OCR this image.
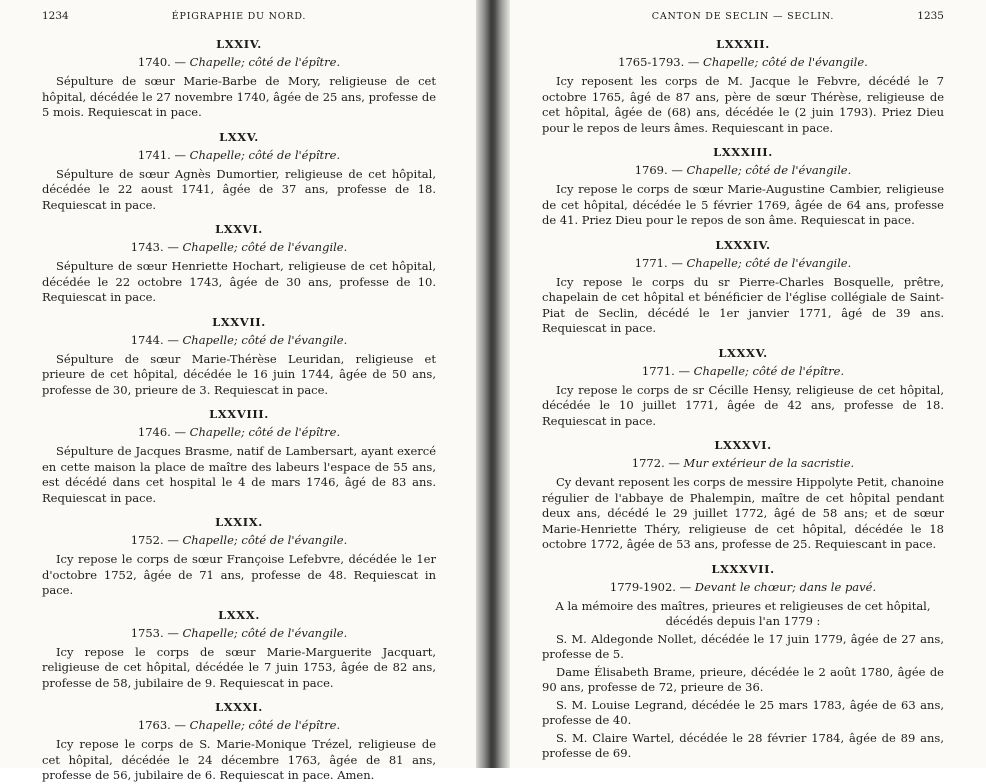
1234	ÉPIGRAPHIE DU NORD.
LXXIV.
1740. — Chapelle; côté de l'épître.

Sépulture de sœur Marie-Barbe de Mory, religieuse de cet hôpital, décédée le 27 novembre 1740, âgée de 25 ans, professe de 5 mois. Requiescat in pace.

LXXV.
1741. — Chapelle; côté de l'épître.

Sépulture de sœur Agnès Dumortier, religieuse de cet hôpital, décédée le 22 aoust 1741, âgée de 37 ans, professe de 18. Requiescat in pace.

LXXVI.
1743. — Chapelle; côté de l'évangile.

Sépulture de sœur Henriette Hochart, religieuse de cet hôpital, décédée le 22 octobre 1743, âgée de 30 ans, professe de 10. Requiescat in pace.

LXXVII.
1744. — Chapelle; côté de l'évangile.

Sépulture de sœur Marie-Thérèse Leuridan, religieuse et prieure de cet hôpital, décédée le 16 juin 1744, âgée de 50 ans, professe de 30, prieure de 3. Requiescat in pace.

LXXVIII.
1746. — Chapelle; côté de l'épître.

Sépulture de Jacques Brasme, natif de Lambersart, ayant exercé en cette maison la place de maître des labeurs l'espace de 55 ans, est décédé dans cet hospital le 4 de mars 1746, âgé de 83 ans. Requiescat in pace.

LXXIX.
1752. — Chapelle; côté de l'évangile.

Icy repose le corps de sœur Françoise Lefebvre, décédée le 1er d'octobre 1752, âgée de 71 ans, professe de 48. Requiescat in pace.

LXXX.
1753. — Chapelle; côté de l'évangile.

Icy repose le corps de sœur Marie-Marguerite Jacquart, religieuse de cet hôpital, décédée le 7 juin 1753, âgée de 82 ans, professe de 58, jubilaire de 9. Requiescat in pace.

LXXXI.
1763. — Chapelle; côté de l'épître.

Icy repose le corps de S. Marie-Monique Trézel, religieuse de cet hôpital, décédée le 24 décembre 1763, âgée de 81 ans, professe de 56, jubilaire de 6. Requiescat in pace. Amen.

CANTON DE SECLIN — SECLIN.	1235
LXXXII.
1765-1793. — Chapelle; côté de l'évangile.

Icy reposent les corps de M. Jacque le Febvre, décédé le 7 octobre 1765, âgé de 87 ans, père de sœur Thérèse, religieuse de cet hôpital, âgée de (68) ans, décédée le (2 juin 1793). Priez Dieu pour le repos de leurs âmes. Requiescant in pace.

LXXXIII.
1769. — Chapelle; côté de l'évangile.

Icy repose le corps de sœur Marie-Augustine Cambier, religieuse de cet hôpital, décédée le 5 février 1769, âgée de 64 ans, professe de 41. Priez Dieu pour le repos de son âme. Requiescat in pace.

LXXXIV.
1771. — Chapelle; côté de l'évangile.

Icy repose le corps du sr Pierre-Charles Bosquelle, prêtre, chapelain de cet hôpital et bénéficier de l'église collégiale de Saint-Piat de Seclin, décédé le 1er janvier 1771, âgé de 39 ans. Requiescat in pace.

LXXXV.
1771. — Chapelle; côté de l'épître.

Icy repose le corps de sr Cécille Hensy, religieuse de cet hôpital, décédée le 10 juillet 1771, âgée de 42 ans, professe de 18. Requiescat in pace.

LXXXVI.
1772. — Mur extérieur de la sacristie.

Cy devant reposent les corps de messire Hippolyte Petit, chanoine régulier de l'abbaye de Phalempin, maître de cet hôpital pendant deux ans, décédé le 29 juillet 1772, âgé de 58 ans; et de sœur Marie-Henriette Théry, religieuse de cet hôpital, décédée le 18 octobre 1772, âgée de 53 ans, professe de 25. Requiescant in pace.

LXXXVII.
1779-1902. — Devant le chœur; dans le pavé.

A la mémoire des maîtres, prieures et religieuses de cet hôpital, décédés depuis l'an 1779 :

S. M. Aldegonde Nollet, décédée le 17 juin 1779, âgée de 27 ans, professe de 5.

Dame Élisabeth Brame, prieure, décédée le 2 août 1780, âgée de 90 ans, professe de 72, prieure de 36.

S. M. Louise Legrand, décédée le 25 mars 1783, âgée de 63 ans, professe de 40.

S. M. Claire Wartel, décédée le 28 février 1784, âgée de 89 ans, professe de 69.
